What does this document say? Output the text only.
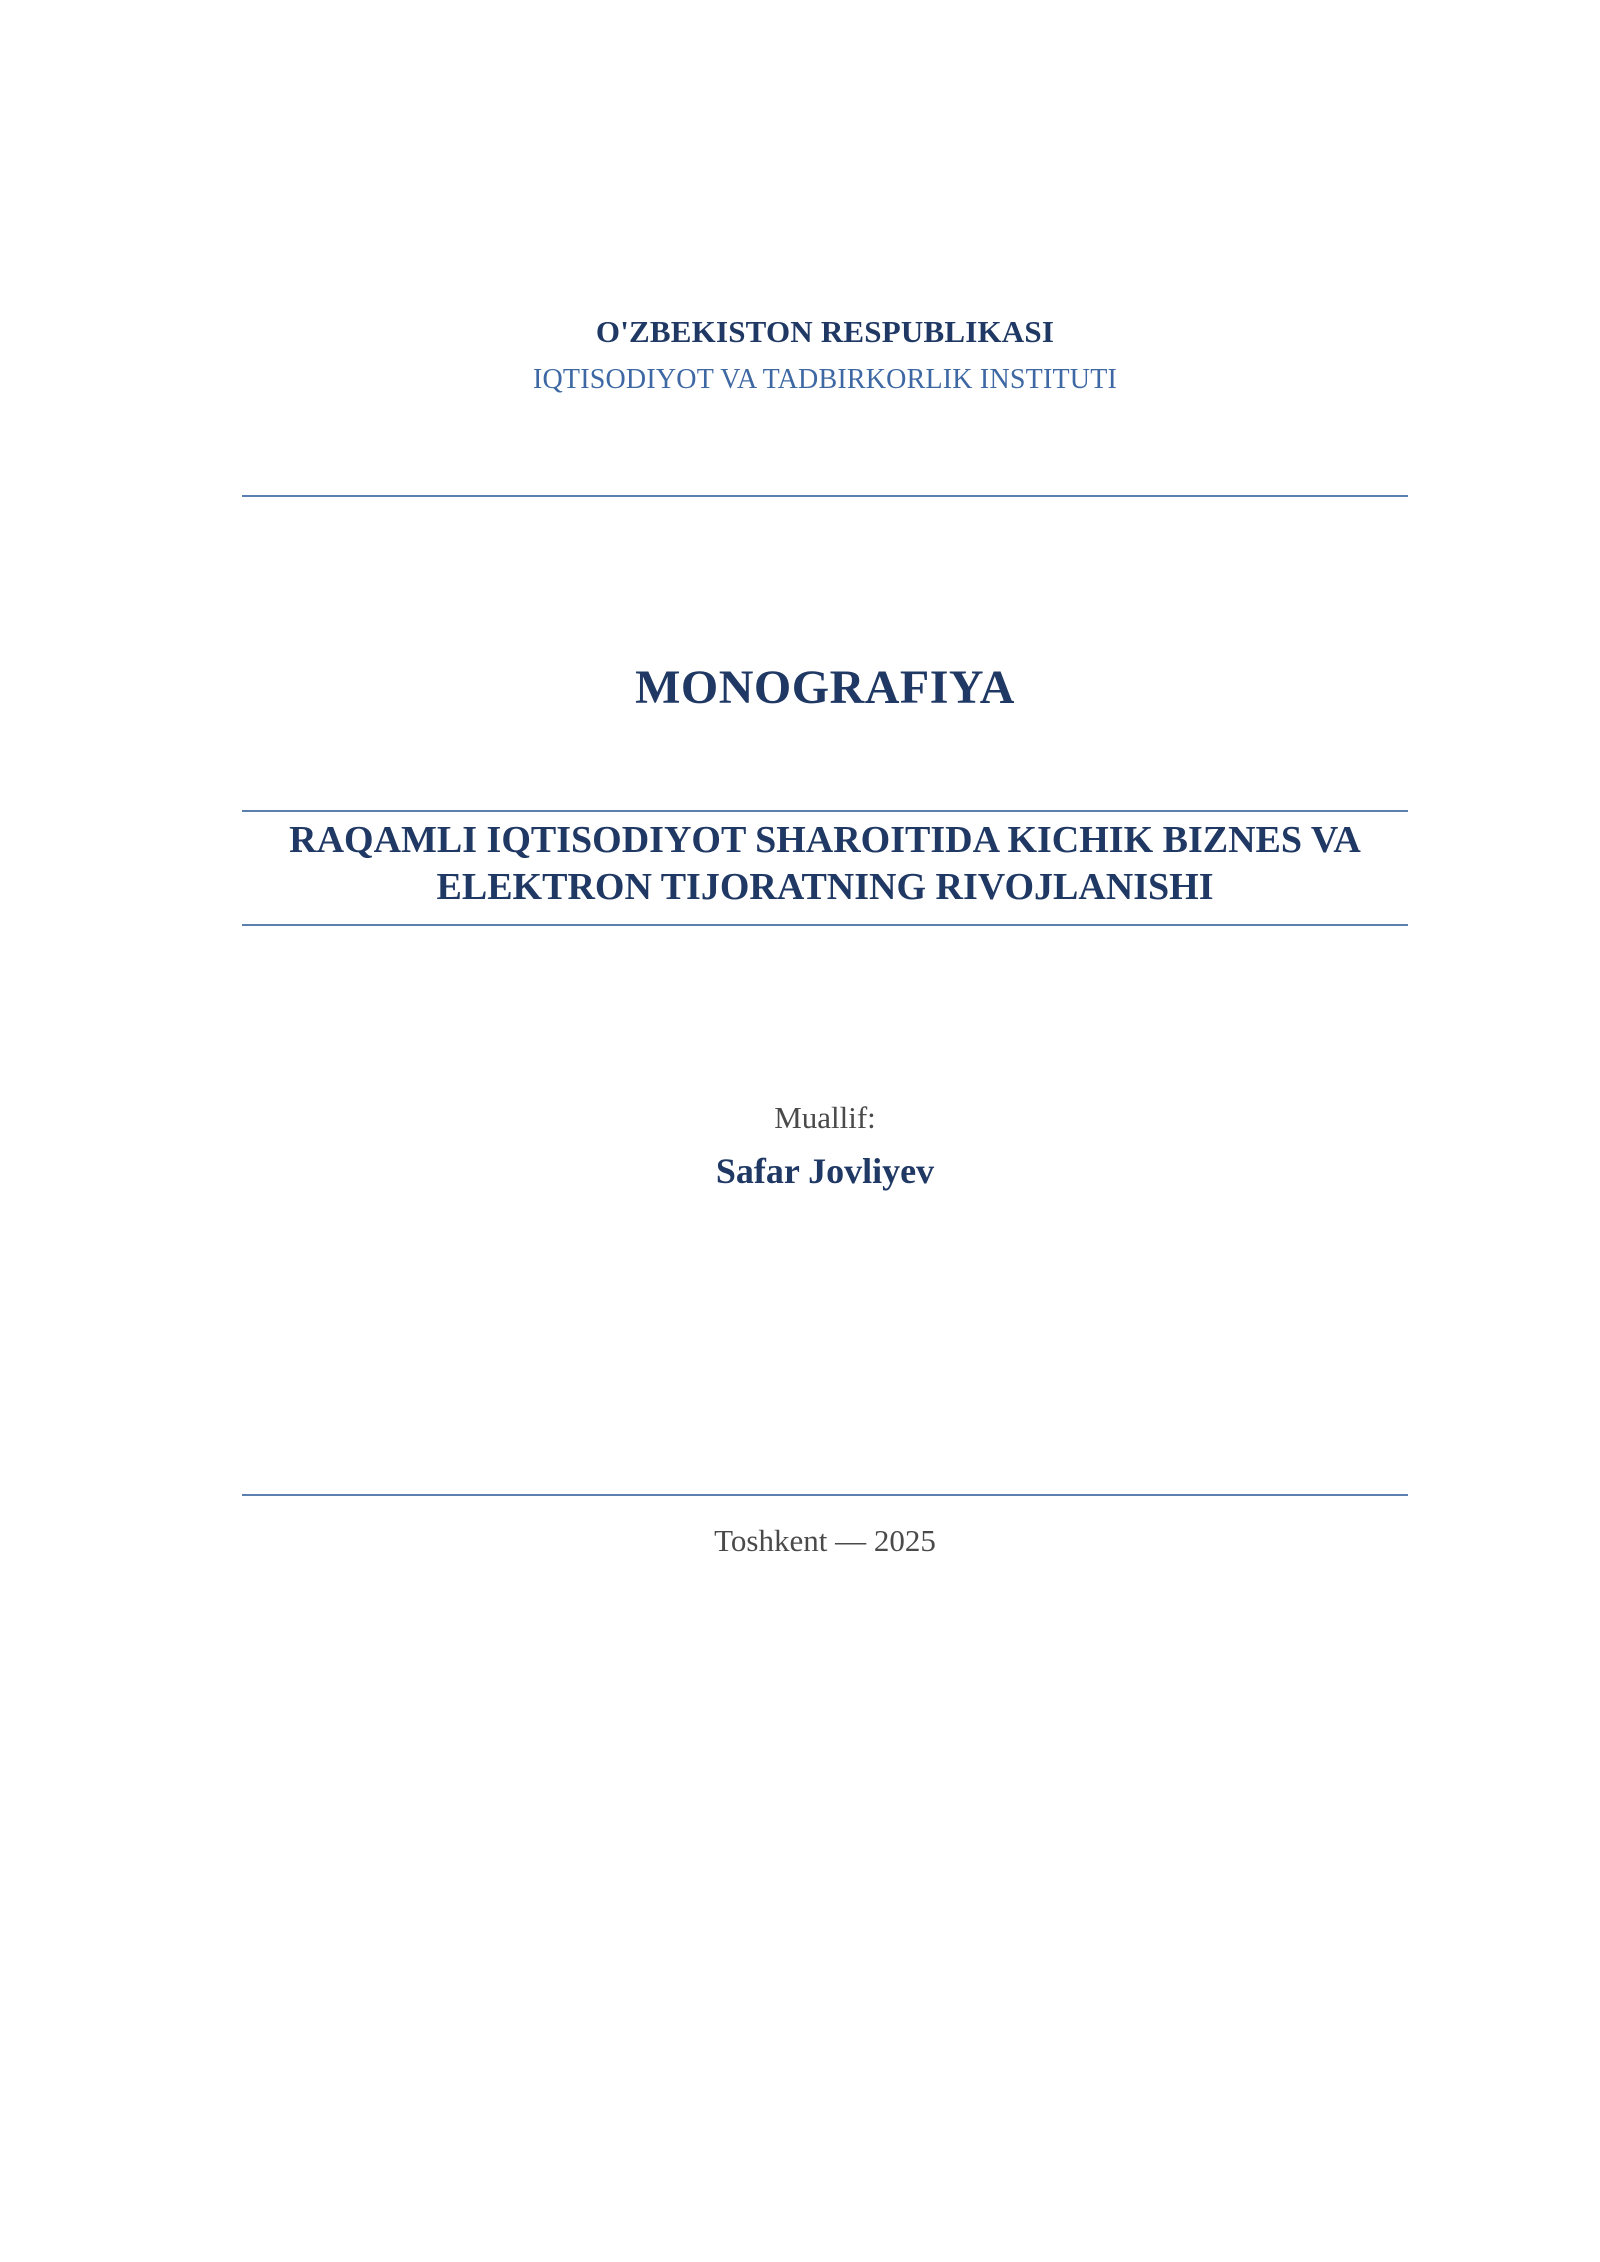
O'ZBEKISTON RESPUBLIKASI

IQTISODIYOT VA TADBIRKORLIK INSTITUTI

MONOGRAFIYA
RAQAMLI IQTISODIYOT SHAROITIDA KICHIK BIZNES VA
ELEKTRON TIJORATNING RIVOJLANISHI

Muallif:

Safar Jovliyev

Toshkent — 2025
